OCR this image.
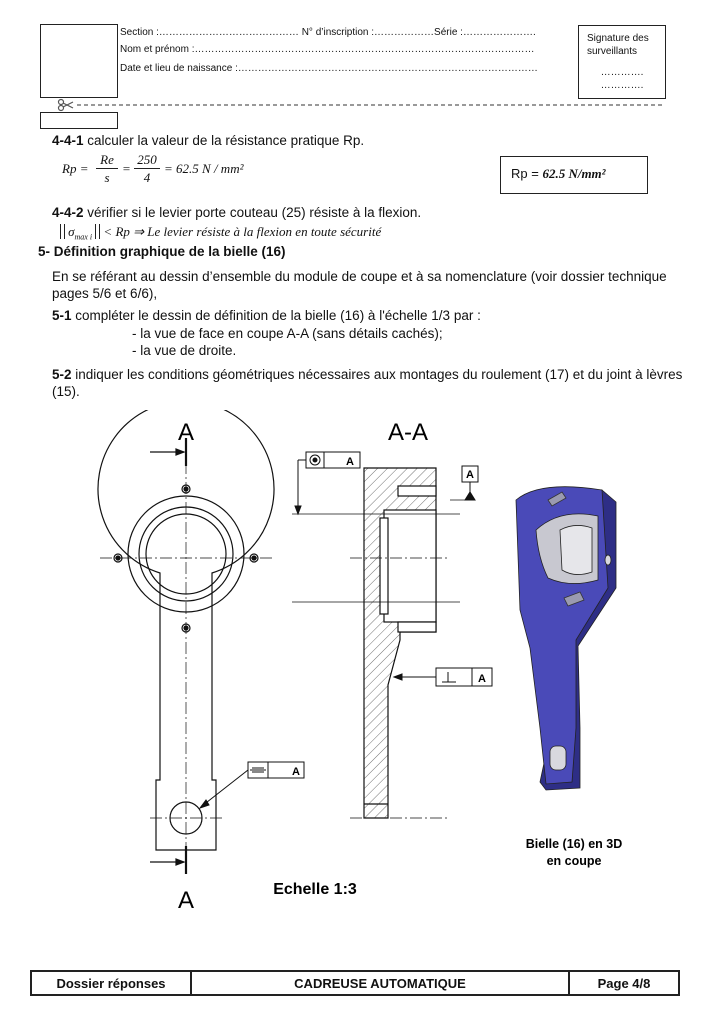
Section :…………………………………… N° d’inscription :………………Série :………………….
Nom et prénom :…………………………………………………………………………………………
Date et lieu de naissance :………………………………………………………………………………
Signature des surveillants
………….
………….
4-4-1 calculer la valeur de la résistance pratique Rp.
Rp =
Re
s
=
250
4
= 62.5 N / mm²	Rp = 62.5 N/mm²
4-4-2 vérifier si le levier porte couteau (25) résiste à la flexion.
 $\sigma_{max i}$  < Rp ⇒ Le levier résiste à la flexion en toute sécurité
5- Définition graphique de la bielle (16)
En se référant au dessin d’ensemble du module de coupe et à sa nomenclature (voir dossier technique pages 5/6 et 6/6),
5-1 compléter le dessin de définition de la bielle (16) à l'échelle 1/3 par :
- la vue de face en coupe A-A (sans détails cachés);
- la vue de droite.
5-2 indiquer les conditions géométriques nécessaires aux montages du roulement (17) et du joint à lèvres (15).
A
A
A
A-A
A
A
A
Echelle 1:3
Bielle (16) en 3D
en coupe
Dossier réponses	CADREUSE AUTOMATIQUE	Page 4/8
